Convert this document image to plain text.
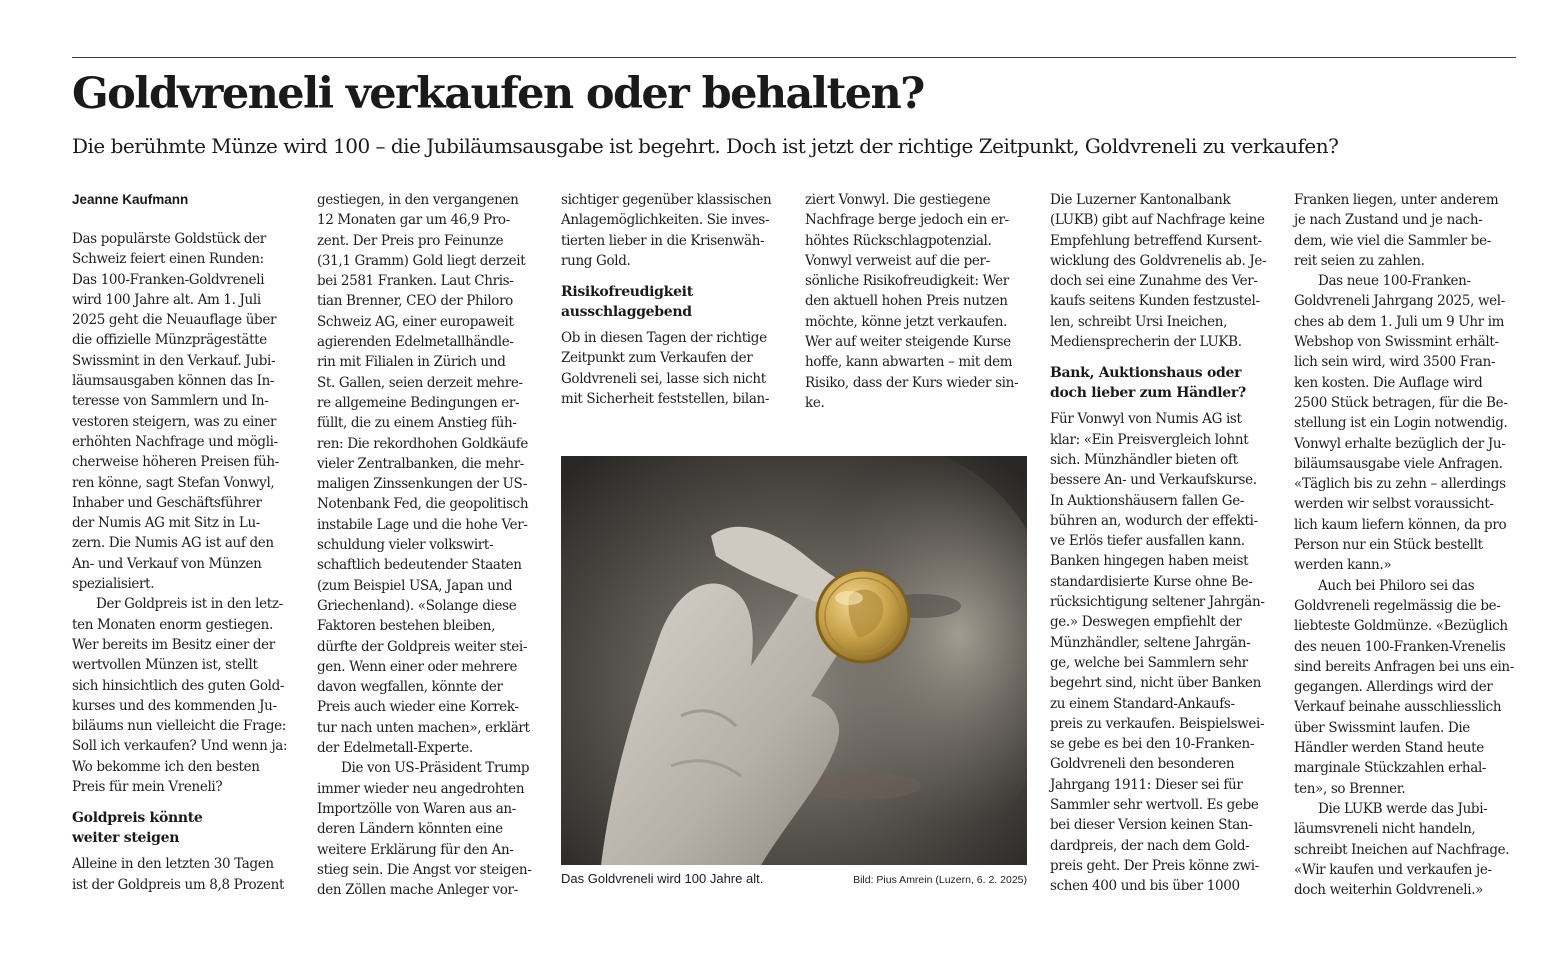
Goldvreneli verkaufen oder behalten?

Die berühmte Münze wird 100 – die Jubiläumsausgabe ist begehrt. Doch ist jetzt der richtige Zeitpunkt, Goldvreneli zu verkaufen?

Jeanne Kaufmann

Das populärste Goldstück der
Schweiz feiert einen Runden:
Das 100-Franken-Goldvreneli
wird 100 Jahre alt. Am 1. Juli
2025 geht die Neuauflage über
die offizielle Münzprägestätte
Swissmint in den Verkauf. Jubi-
läumsausgaben können das In-
teresse von Sammlern und In-
vestoren steigern, was zu einer
erhöhten Nachfrage und mögli-
cherweise höheren Preisen füh-
ren könne, sagt Stefan Vonwyl,
Inhaber und Geschäftsführer
der Numis AG mit Sitz in Lu-
zern. Die Numis AG ist auf den
An- und Verkauf von Münzen
spezialisiert.

Der Goldpreis ist in den letz-
ten Monaten enorm gestiegen.
Wer bereits im Besitz einer der
wertvollen Münzen ist, stellt
sich hinsichtlich des guten Gold-
kurses und des kommenden Ju-
biläums nun vielleicht die Frage:
Soll ich verkaufen? Und wenn ja:
Wo bekomme ich den besten
Preis für mein Vreneli?

Goldpreis könnte
weiter steigen

Alleine in den letzten 30 Tagen
ist der Goldpreis um 8,8 Prozent

gestiegen, in den vergangenen
12 Monaten gar um 46,9 Pro-
zent. Der Preis pro Feinunze
(31,1 Gramm) Gold liegt derzeit
bei 2581 Franken. Laut Chris-
tian Brenner, CEO der Philoro
Schweiz AG, einer europaweit
agierenden Edelmetallhändle-
rin mit Filialen in Zürich und
St. Gallen, seien derzeit mehre-
re allgemeine Bedingungen er-
füllt, die zu einem Anstieg füh-
ren: Die rekordhohen Goldkäufe
vieler Zentralbanken, die mehr-
maligen Zinssenkungen der US-
Notenbank Fed, die geopolitisch
instabile Lage und die hohe Ver-
schuldung vieler volkswirt-
schaftlich bedeutender Staaten
(zum Beispiel USA, Japan und
Griechenland). «Solange diese
Faktoren bestehen bleiben,
dürfte der Goldpreis weiter stei-
gen. Wenn einer oder mehrere
davon wegfallen, könnte der
Preis auch wieder eine Korrek-
tur nach unten machen», erklärt
der Edelmetall-Experte.

Die von US-Präsident Trump
immer wieder neu angedrohten
Importzölle von Waren aus an-
deren Ländern könnten eine
weitere Erklärung für den An-
stieg sein. Die Angst vor steigen-
den Zöllen mache Anleger vor-

sichtiger gegenüber klassischen
Anlagemöglichkeiten. Sie inves-
tierten lieber in die Krisenwäh-
rung Gold.

Risikofreudigkeit
ausschlaggebend

Ob in diesen Tagen der richtige
Zeitpunkt zum Verkaufen der
Goldvreneli sei, lasse sich nicht
mit Sicherheit feststellen, bilan-

ziert Vonwyl. Die gestiegene
Nachfrage berge jedoch ein er-
höhtes Rückschlagpotenzial.
Vonwyl verweist auf die per-
sönliche Risikofreudigkeit: Wer
den aktuell hohen Preis nutzen
möchte, könne jetzt verkaufen.
Wer auf weiter steigende Kurse
hoffe, kann abwarten – mit dem
Risiko, dass der Kurs wieder sin-
ke.

Die Luzerner Kantonalbank
(LUKB) gibt auf Nachfrage keine
Empfehlung betreffend Kursent-
wicklung des Goldvrenelis ab. Je-
doch sei eine Zunahme des Ver-
kaufs seitens Kunden festzustel-
len, schreibt Ursi Ineichen,
Mediensprecherin der LUKB.

Bank, Auktionshaus oder
doch lieber zum Händler?

Für Vonwyl von Numis AG ist
klar: «Ein Preisvergleich lohnt
sich. Münzhändler bieten oft
bessere An- und Verkaufskurse.
In Auktionshäusern fallen Ge-
bühren an, wodurch der effekti-
ve Erlös tiefer ausfallen kann.
Banken hingegen haben meist
standardisierte Kurse ohne Be-
rücksichtigung seltener Jahrgän-
ge.» Deswegen empfiehlt der
Münzhändler, seltene Jahrgän-
ge, welche bei Sammlern sehr
begehrt sind, nicht über Banken
zu einem Standard-Ankaufs-
preis zu verkaufen. Beispielswei-
se gebe es bei den 10-Franken-
Goldvreneli den besonderen
Jahrgang 1911: Dieser sei für
Sammler sehr wertvoll. Es gebe
bei dieser Version keinen Stan-
dardpreis, der nach dem Gold-
preis geht. Der Preis könne zwi-
schen 400 und bis über 1000

Franken liegen, unter anderem
je nach Zustand und je nach-
dem, wie viel die Sammler be-
reit seien zu zahlen.

Das neue 100-Franken-
Goldvreneli Jahrgang 2025, wel-
ches ab dem 1. Juli um 9 Uhr im
Webshop von Swissmint erhält-
lich sein wird, wird 3500 Fran-
ken kosten. Die Auflage wird
2500 Stück betragen, für die Be-
stellung ist ein Login notwendig.
Vonwyl erhalte bezüglich der Ju-
biläumsausgabe viele Anfragen.
«Täglich bis zu zehn – allerdings
werden wir selbst voraussicht-
lich kaum liefern können, da pro
Person nur ein Stück bestellt
werden kann.»

Auch bei Philoro sei das
Goldvreneli regelmässig die be-
liebteste Goldmünze. «Bezüglich
des neuen 100-Franken-Vrenelis
sind bereits Anfragen bei uns ein-
gegangen. Allerdings wird der
Verkauf beinahe ausschliesslich
über Swissmint laufen. Die
Händler werden Stand heute
marginale Stückzahlen erhal-
ten», so Brenner.

Die LUKB werde das Jubi-
läumsvreneli nicht handeln,
schreibt Ineichen auf Nachfrage.
«Wir kaufen und verkaufen je-
doch weiterhin Goldvreneli.»

Das Goldvreneli wird 100 Jahre alt.	Bild: Pius Amrein (Luzern, 6. 2. 2025)
